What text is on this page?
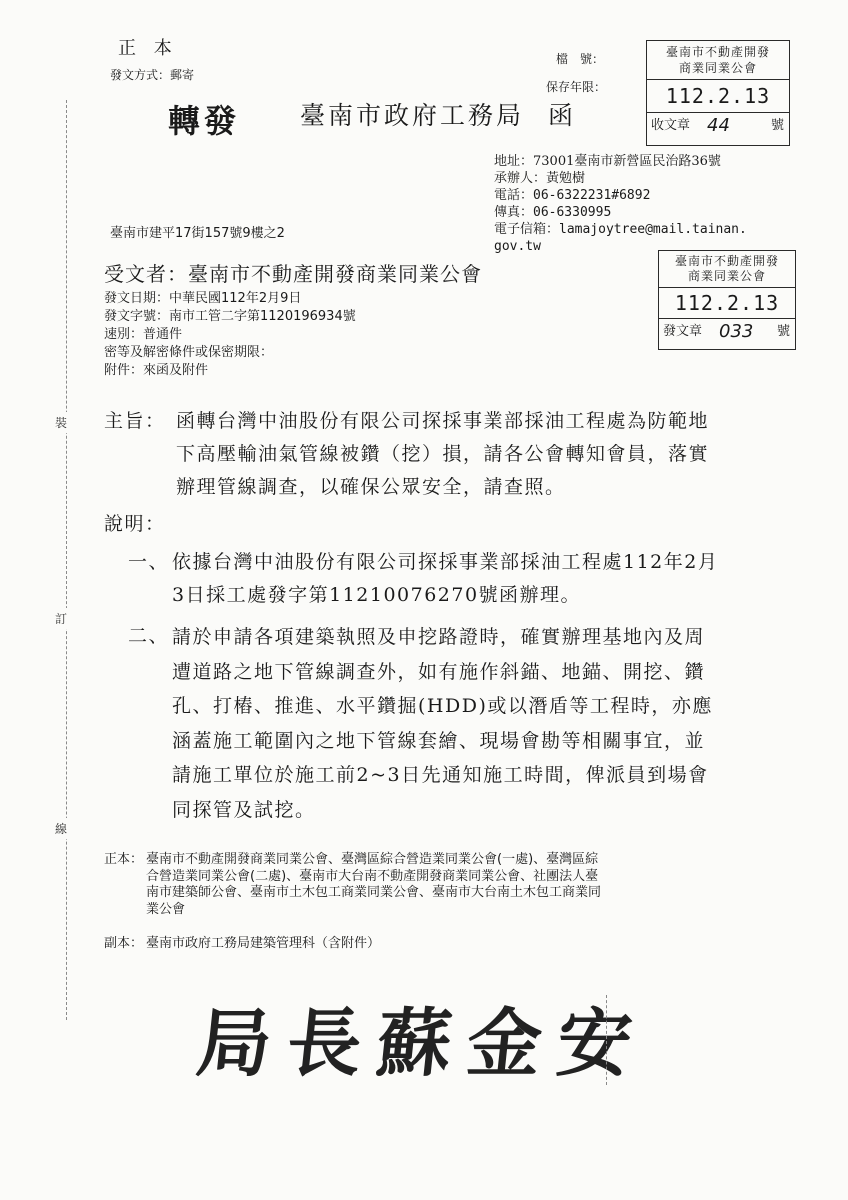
裝
訂
線
正 本
發文方式：郵寄
轉發 臺南市政府工務局 函
檔　號：
保存年限：
臺南市不動產開發商業同業公會
112.2.13
收文章 44	號
地址：73001臺南市新營區民治路36號
承辦人：黃勉樹
電話：06-6322231#6892
傳真：06-6330995
電子信箱：lamajoytree@mail.tainan.
gov.tw
臺南市建平17街157號9樓之2
臺南市不動產開發商業同業公會
112.2.13
發文章 033 號
受文者：臺南市不動產開發商業同業公會
發文日期：中華民國112年2月9日
發文字號：南市工管二字第1120196934號
速別：普通件
密等及解密條件或保密期限：
附件：來函及附件
主旨： 函轉台灣中油股份有限公司探採事業部採油工程處為防範地
下高壓輸油氣管線被鑽（挖）損，請各公會轉知會員，落實
辦理管線調查，以確保公眾安全，請查照。
說明：
一、 依據台灣中油股份有限公司探採事業部採油工程處112年2月
3日採工處發字第11210076270號函辦理。
二、 請於申請各項建築執照及申挖路證時，確實辦理基地內及周
遭道路之地下管線調查外，如有施作斜錨、地錨、開挖、鑽
孔、打樁、推進、水平鑽掘(HDD)或以潛盾等工程時，亦應
涵蓋施工範圍內之地下管線套繪、現場會勘等相關事宜，並
請施工單位於施工前2~3日先通知施工時間，俾派員到場會
同探管及試挖。
正本： 臺南市不動產開發商業同業公會、臺灣區綜合營造業同業公會(一處)、臺灣區綜
合營造業同業公會(二處)、臺南市大台南不動產開發商業同業公會、社團法人臺
南市建築師公會、臺南市土木包工商業同業公會、臺南市大台南土木包工商業同
業公會
副本： 臺南市政府工務局建築管理科（含附件）
局長蘇金安
